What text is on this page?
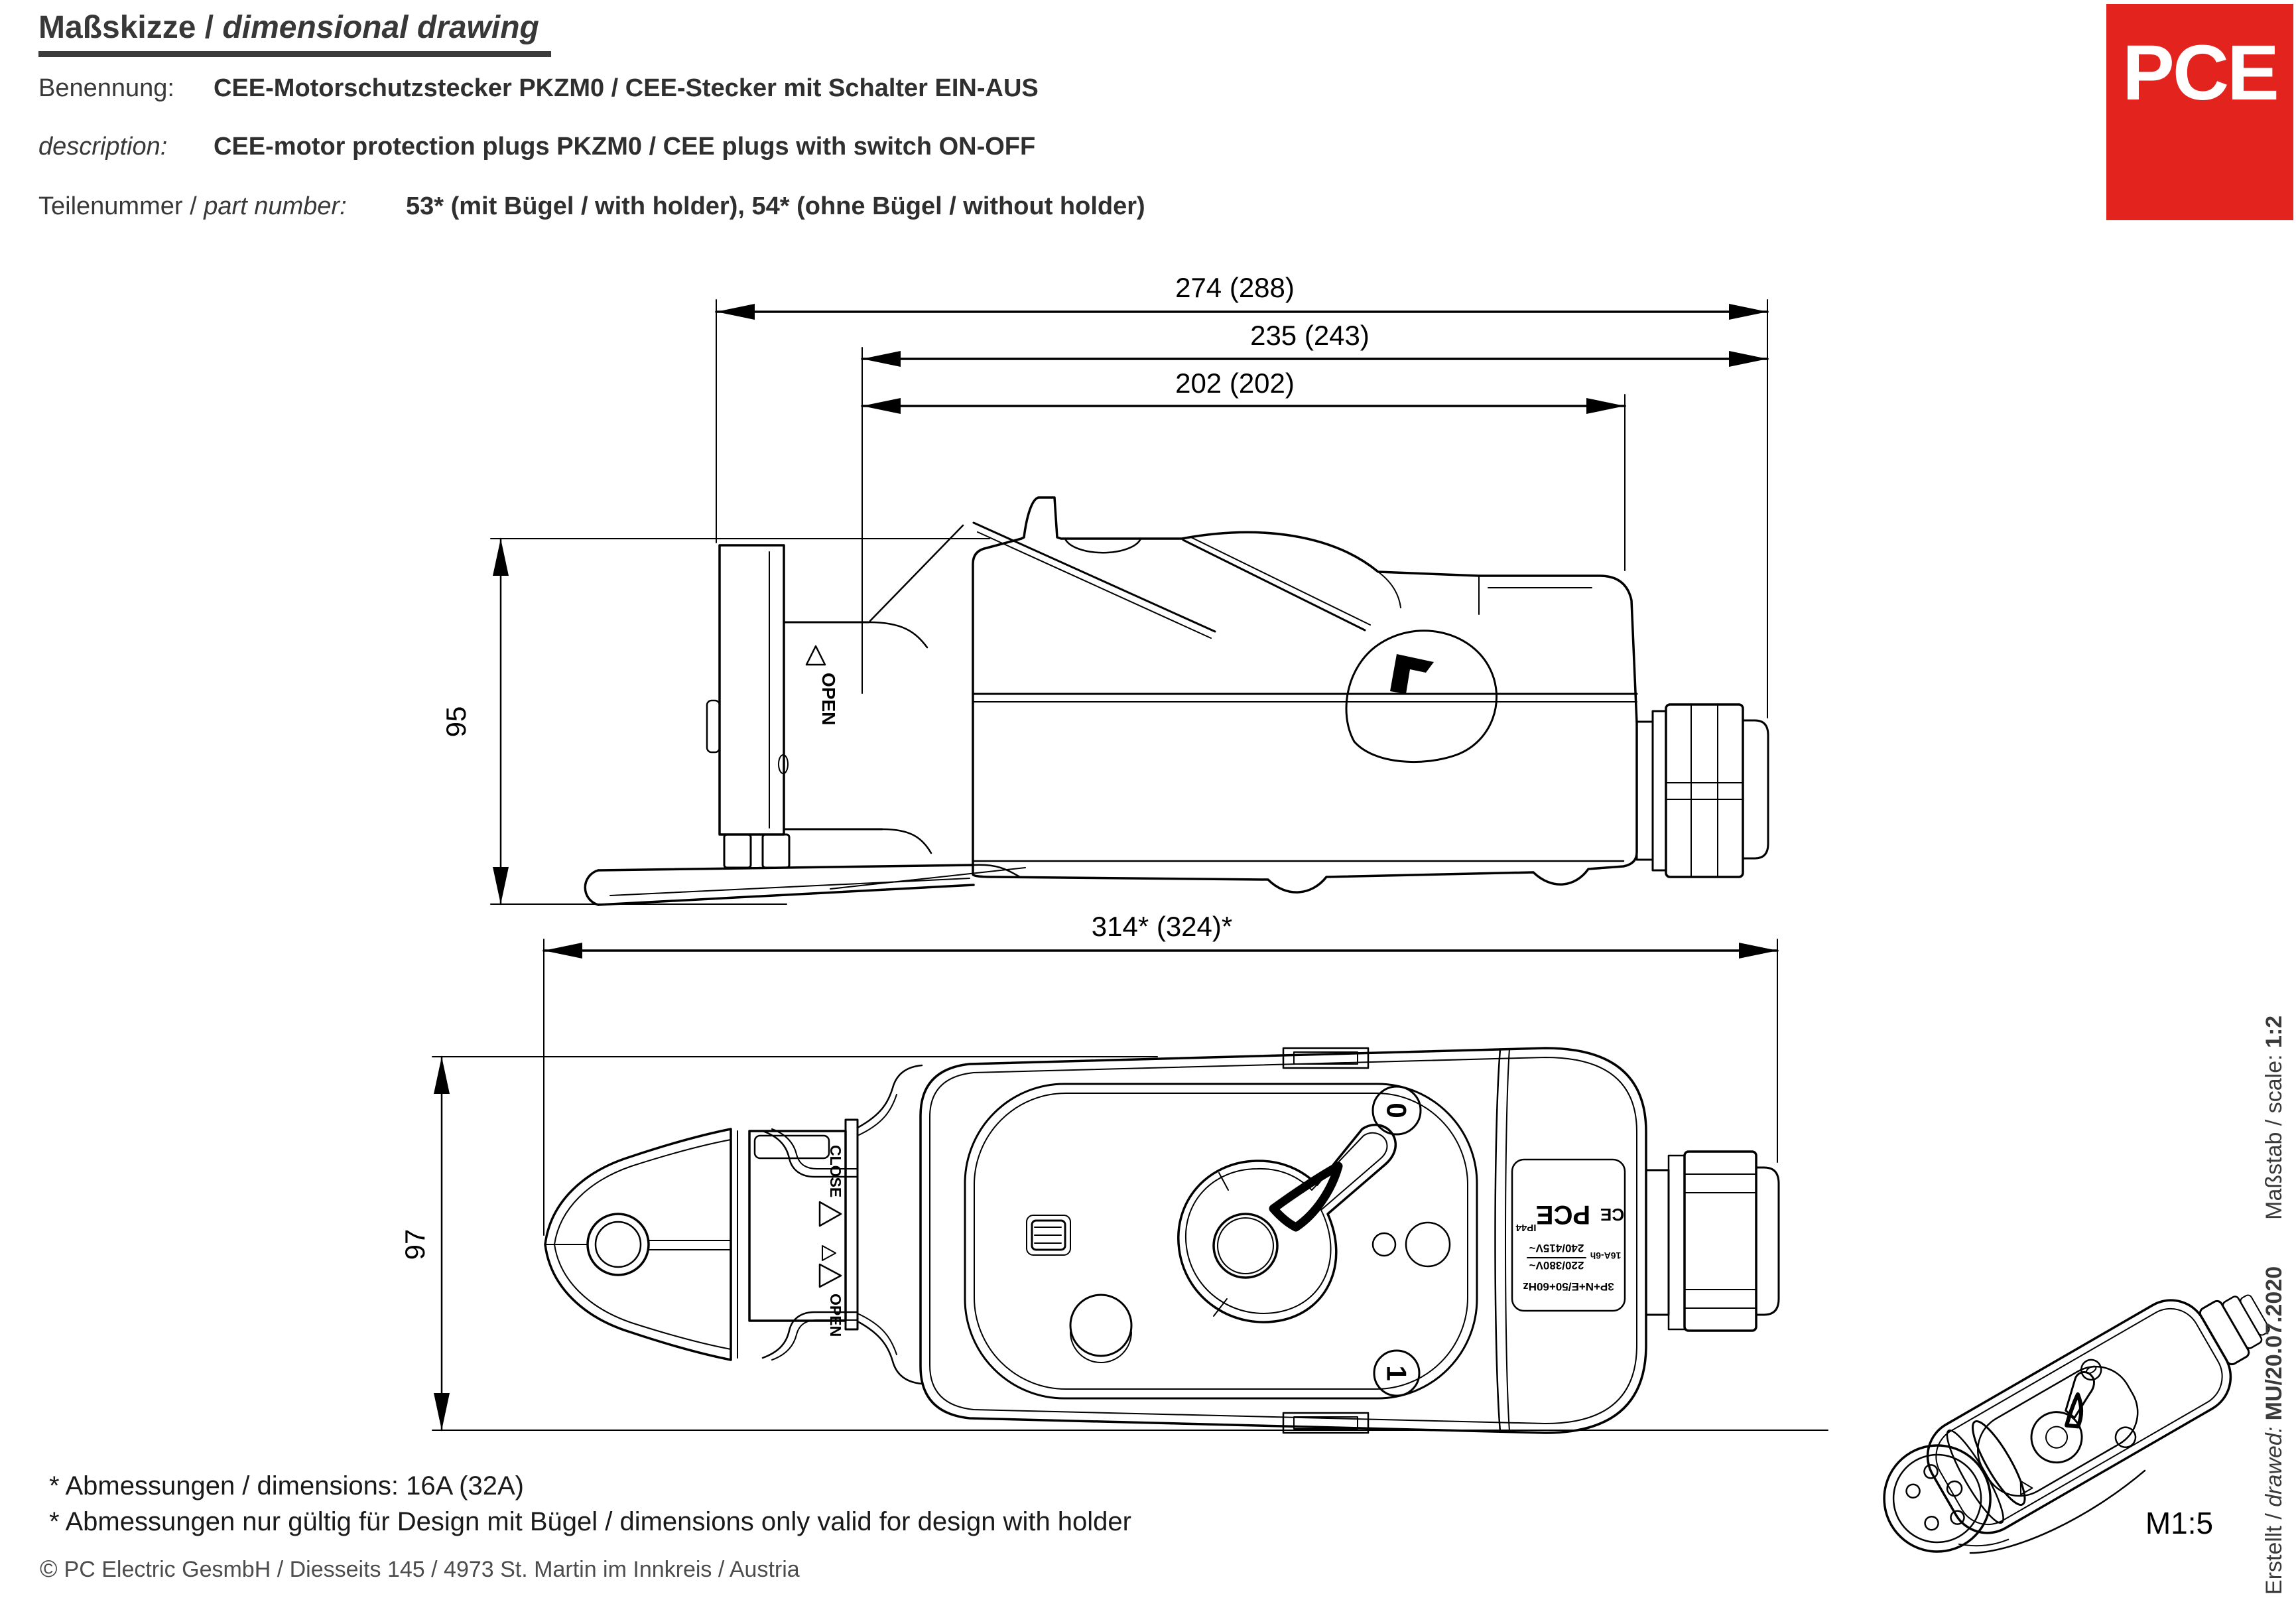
Maßskizze / dimensional drawing
Benennung: CEE-Motorschutzstecker PKZM0 / CEE-Stecker mit Schalter EIN-AUS
description: CEE-motor protection plugs PKZM0 / CEE plugs with switch ON-OFF
Teilenummer / part number: 53* (mit Bügel / with holder), 54* (ohne Bügel / without holder)
PCE
274 (288)
235 (243)
202 (202)
95	OPEN
314* (324)*
97
CLOSE
OPEN
0
1
3P+N+E/50+60Hz
16A-6h
220/380V~
240/415V~
CE
PCE
IP44
M1:5 Erstellt / drawed: MU/20.07.2020Maßstab / scale: 1:2
* Abmessungen / dimensions: 16A (32A)
* Abmessungen nur gültig für Design mit Bügel / dimensions only valid for design with holder
© PC Electric GesmbH / Diesseits 145 / 4973 St. Martin im Innkreis / Austria
